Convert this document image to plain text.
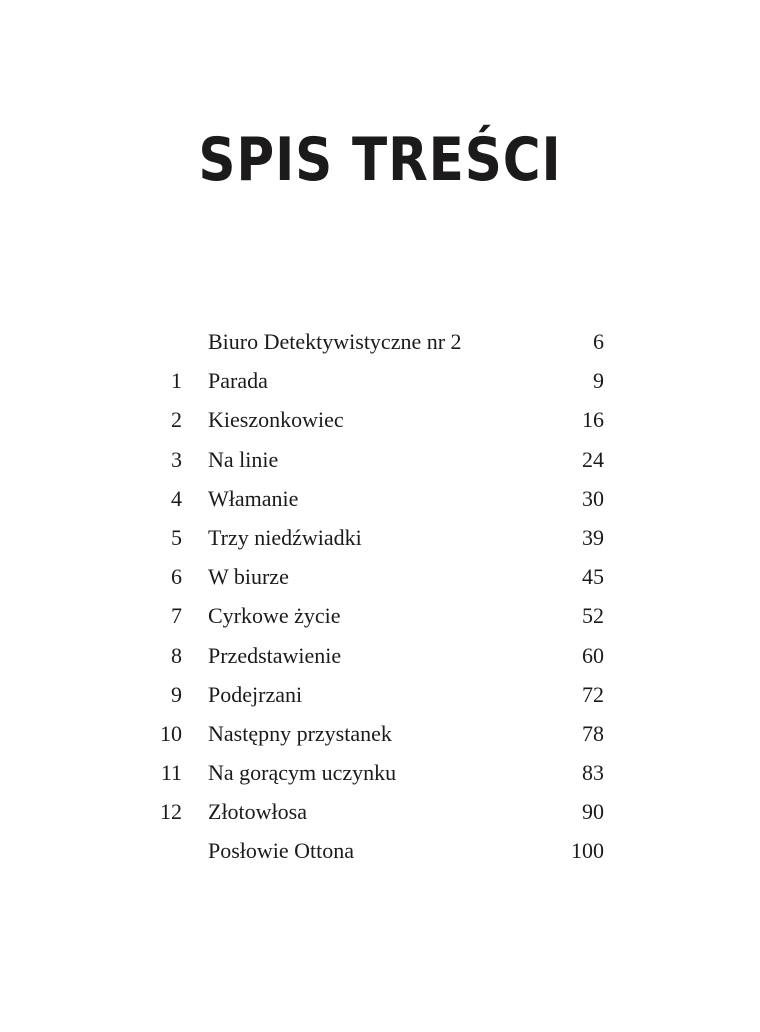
SPIS TREŚCI
Biuro Detektywistyczne nr 2	6
1 Parada	9
2 Kieszonkowiec	16
3 Na linie	24
4 Włamanie	30
5 Trzy niedźwiadki	39
6 W biurze	45
7 Cyrkowe życie	52
8 Przedstawienie	60
9 Podejrzani	72
10 Następny przystanek	78
11 Na gorącym uczynku	83
12 Złotowłosa	90
Posłowie Ottona	100
